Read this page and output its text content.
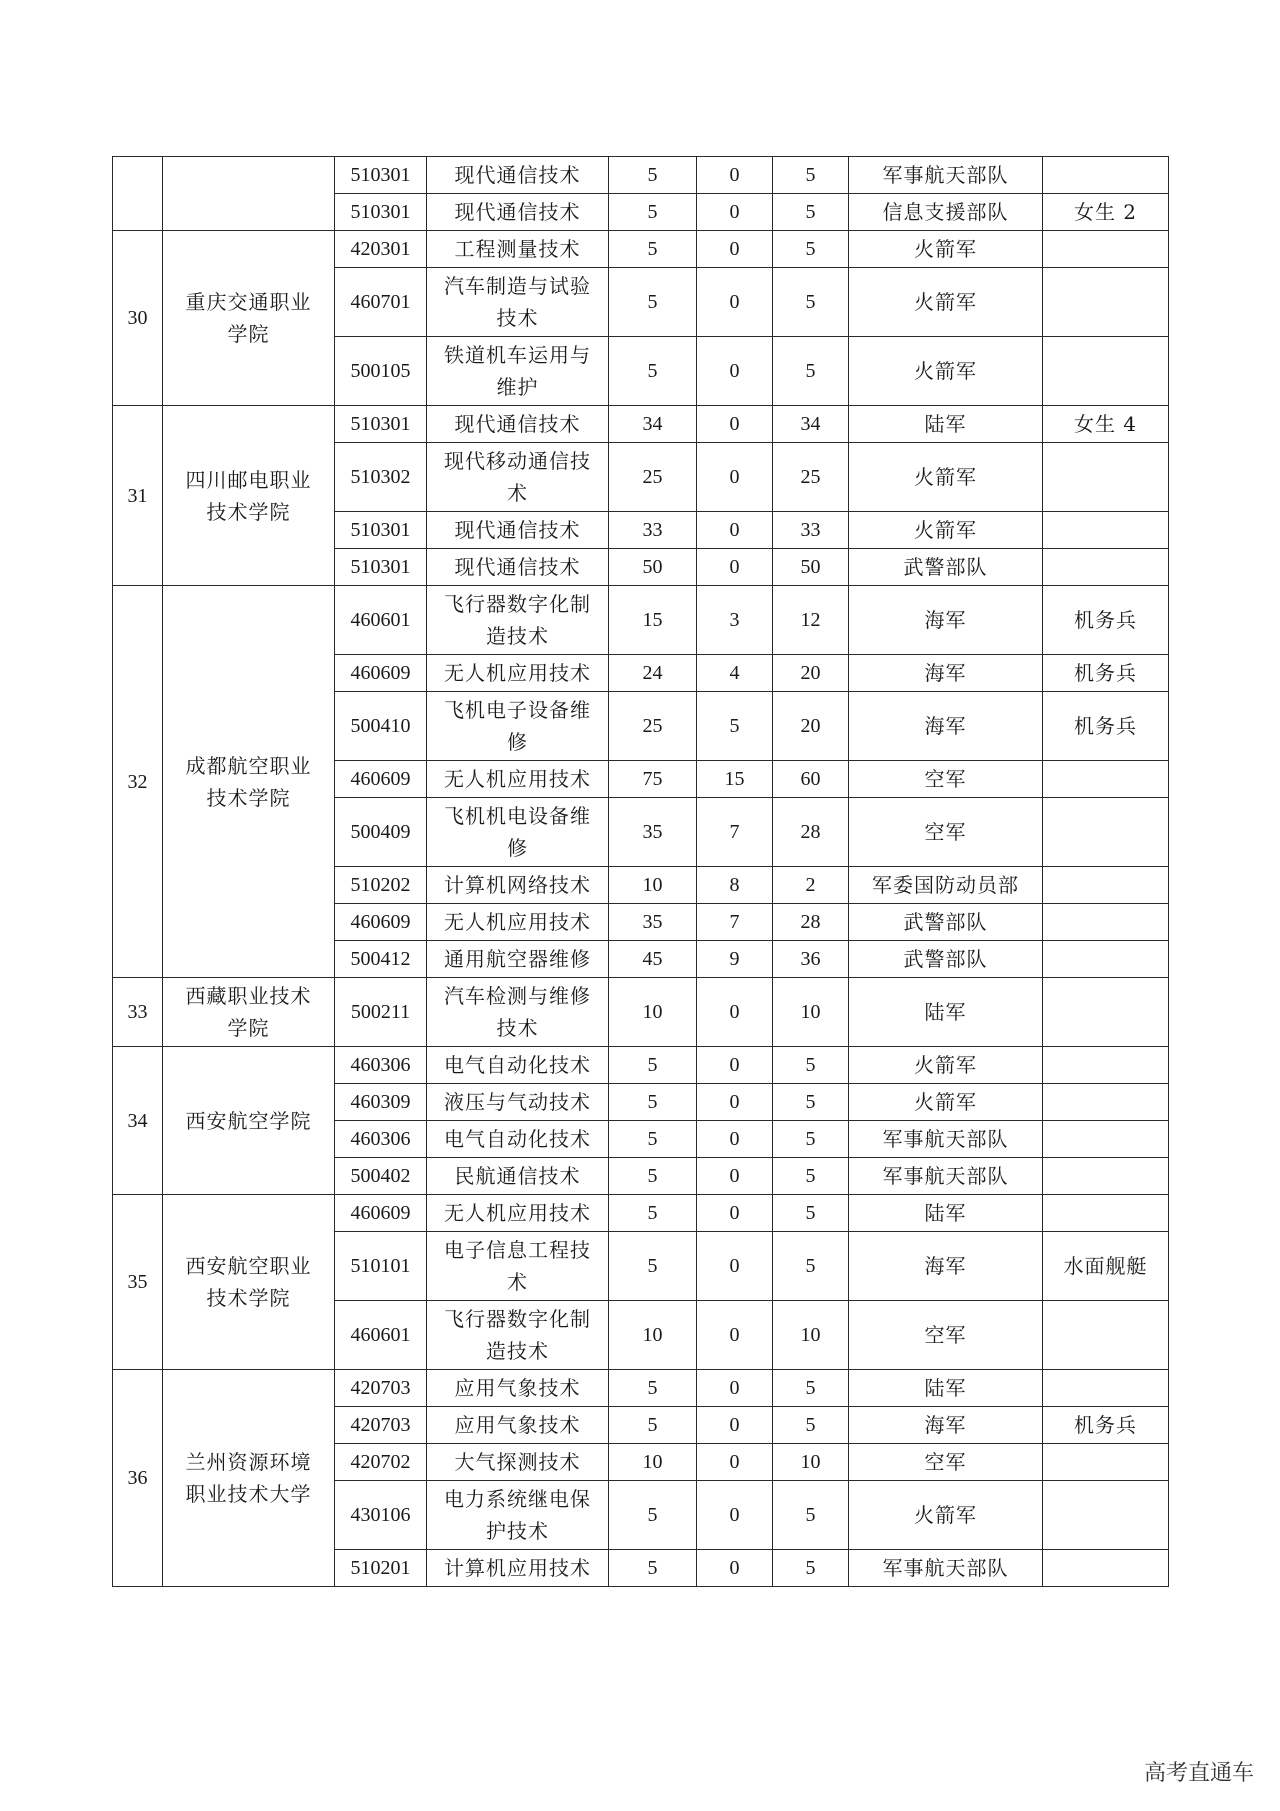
		510301	现代通信技术	5	0	5	军事航天部队	
		510301	现代通信技术	5	0	5	信息支援部队	女生 2
30	重庆交通职业学院	420301	工程测量技术	5	0	5	火箭军	
		460701	汽车制造与试验技术	5	0	5	火箭军	
		500105	铁道机车运用与维护	5	0	5	火箭军	
31	四川邮电职业技术学院	510301	现代通信技术	34	0	34	陆军	女生 4
		510302	现代移动通信技术	25	0	25	火箭军	
		510301	现代通信技术	33	0	33	火箭军	
		510301	现代通信技术	50	0	50	武警部队	
32	成都航空职业技术学院	460601	飞行器数字化制造技术	15	3	12	海军	机务兵
		460609	无人机应用技术	24	4	20	海军	机务兵
		500410	飞机电子设备维修	25	5	20	海军	机务兵
		460609	无人机应用技术	75	15	60	空军	
		500409	飞机机电设备维修	35	7	28	空军	
		510202	计算机网络技术	10	8	2	军委国防动员部	
		460609	无人机应用技术	35	7	28	武警部队	
		500412	通用航空器维修	45	9	36	武警部队	
33	西藏职业技术学院	500211	汽车检测与维修技术	10	0	10	陆军	
34	西安航空学院	460306	电气自动化技术	5	0	5	火箭军	
		460309	液压与气动技术	5	0	5	火箭军	
		460306	电气自动化技术	5	0	5	军事航天部队	
		500402	民航通信技术	5	0	5	军事航天部队	
35	西安航空职业技术学院	460609	无人机应用技术	5	0	5	陆军	
		510101	电子信息工程技术	5	0	5	海军	水面舰艇
		460601	飞行器数字化制造技术	10	0	10	空军	
36	兰州资源环境职业技术大学	420703	应用气象技术	5	0	5	陆军	
		420703	应用气象技术	5	0	5	海军	机务兵
		420702	大气探测技术	10	0	10	空军	
		430106	电力系统继电保护技术	5	0	5	火箭军	
		510201	计算机应用技术	5	0	5	军事航天部队	
高考直通车
